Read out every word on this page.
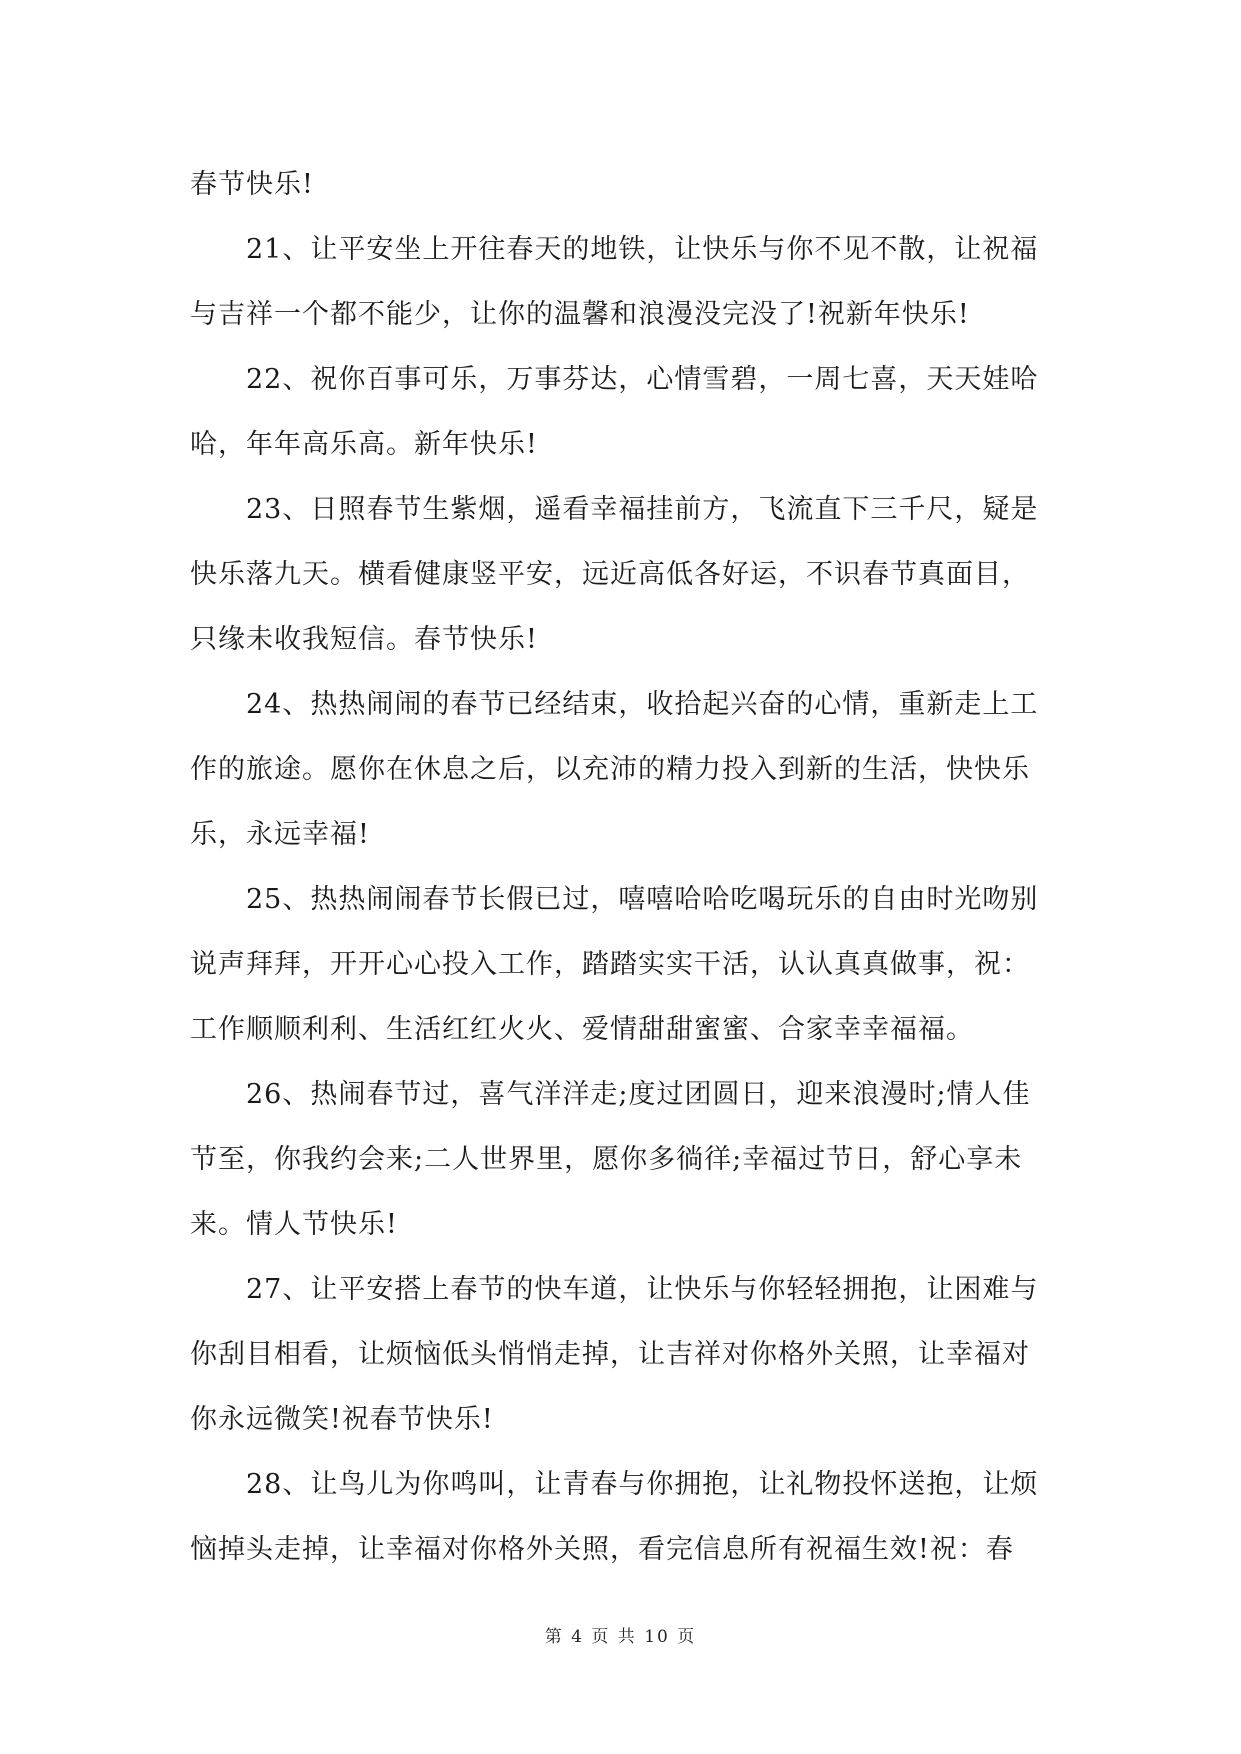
春节快乐!
21、让平安坐上开往春天的地铁，让快乐与你不见不散，让祝福
与吉祥一个都不能少，让你的温馨和浪漫没完没了!祝新年快乐!
22、祝你百事可乐，万事芬达，心情雪碧，一周七喜，天天娃哈
哈，年年高乐高。新年快乐!
23、日照春节生紫烟，遥看幸福挂前方，飞流直下三千尺，疑是
快乐落九天。横看健康竖平安，远近高低各好运，不识春节真面目，
只缘未收我短信。春节快乐!
24、热热闹闹的春节已经结束，收拾起兴奋的心情，重新走上工
作的旅途。愿你在休息之后，以充沛的精力投入到新的生活，快快乐
乐，永远幸福!
25、热热闹闹春节长假已过，嘻嘻哈哈吃喝玩乐的自由时光吻别
说声拜拜，开开心心投入工作，踏踏实实干活，认认真真做事，祝：
工作顺顺利利、生活红红火火、爱情甜甜蜜蜜、合家幸幸福福。
26、热闹春节过，喜气洋洋走;度过团圆日，迎来浪漫时;情人佳
节至，你我约会来;二人世界里，愿你多徜徉;幸福过节日，舒心享未
来。情人节快乐!
27、让平安搭上春节的快车道，让快乐与你轻轻拥抱，让困难与
你刮目相看，让烦恼低头悄悄走掉，让吉祥对你格外关照，让幸福对
你永远微笑!祝春节快乐!
28、让鸟儿为你鸣叫，让青春与你拥抱，让礼物投怀送抱，让烦
恼掉头走掉，让幸福对你格外关照，看完信息所有祝福生效!祝：春
第 4 页 共 10 页
